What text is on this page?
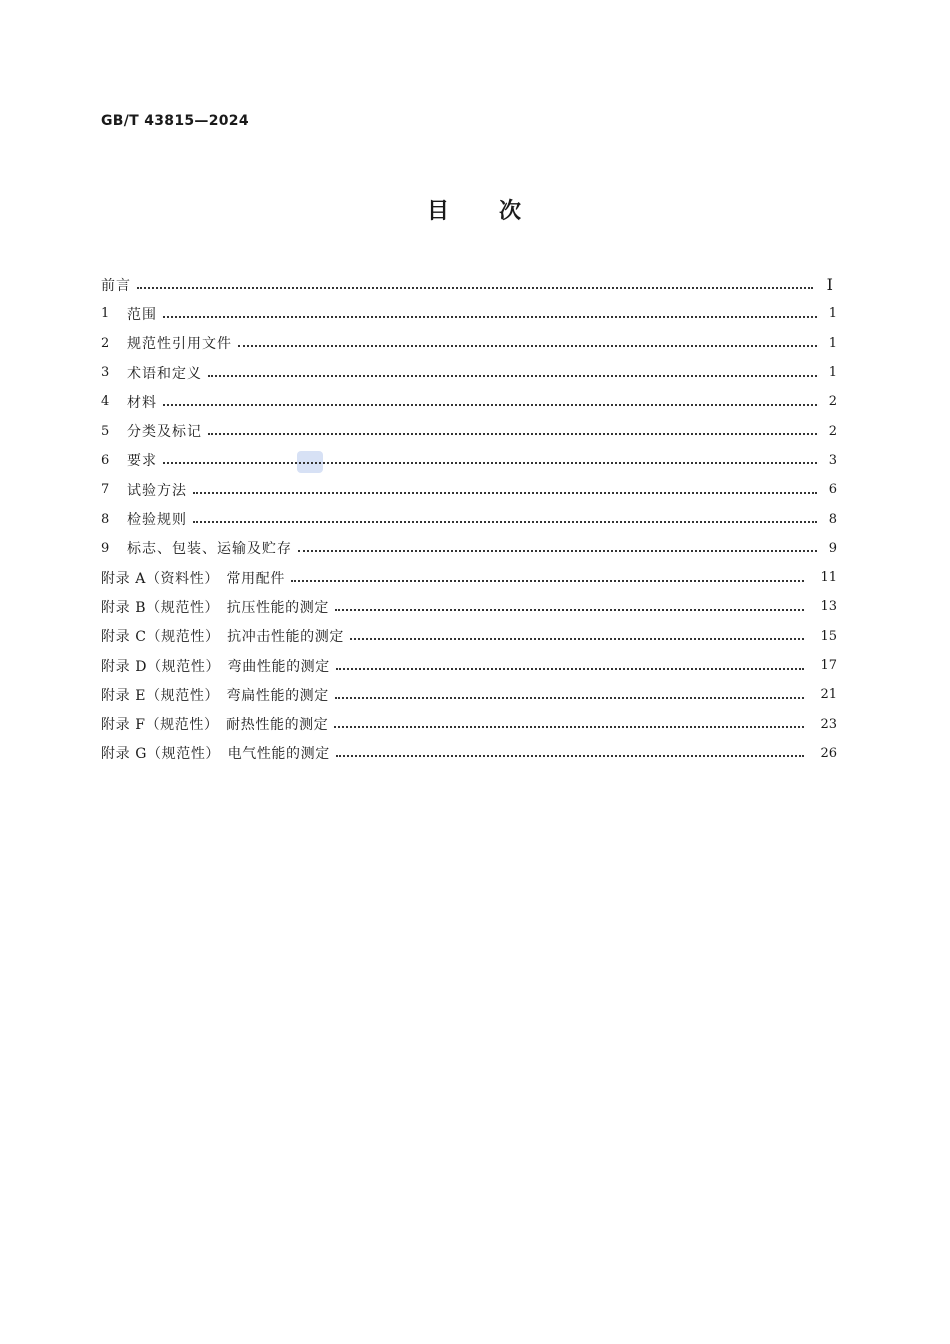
GB/T 43815—2024
目　　次
前言	Ⅰ
1	范围	1
2	规范性引用文件	1
3	术语和定义	1
4	材料	2
5	分类及标记	2
6	要求	3
7	试验方法	6
8	检验规则	8
9	标志、包装、运输及贮存	9
附录 A（资料性）　常用配件	11
附录 B（规范性）　抗压性能的测定	13
附录 C（规范性）　抗冲击性能的测定	15
附录 D（规范性）　弯曲性能的测定	17
附录 E（规范性）　弯扁性能的测定	21
附录 F（规范性）　耐热性能的测定	23
附录 G（规范性）　电气性能的测定	26
